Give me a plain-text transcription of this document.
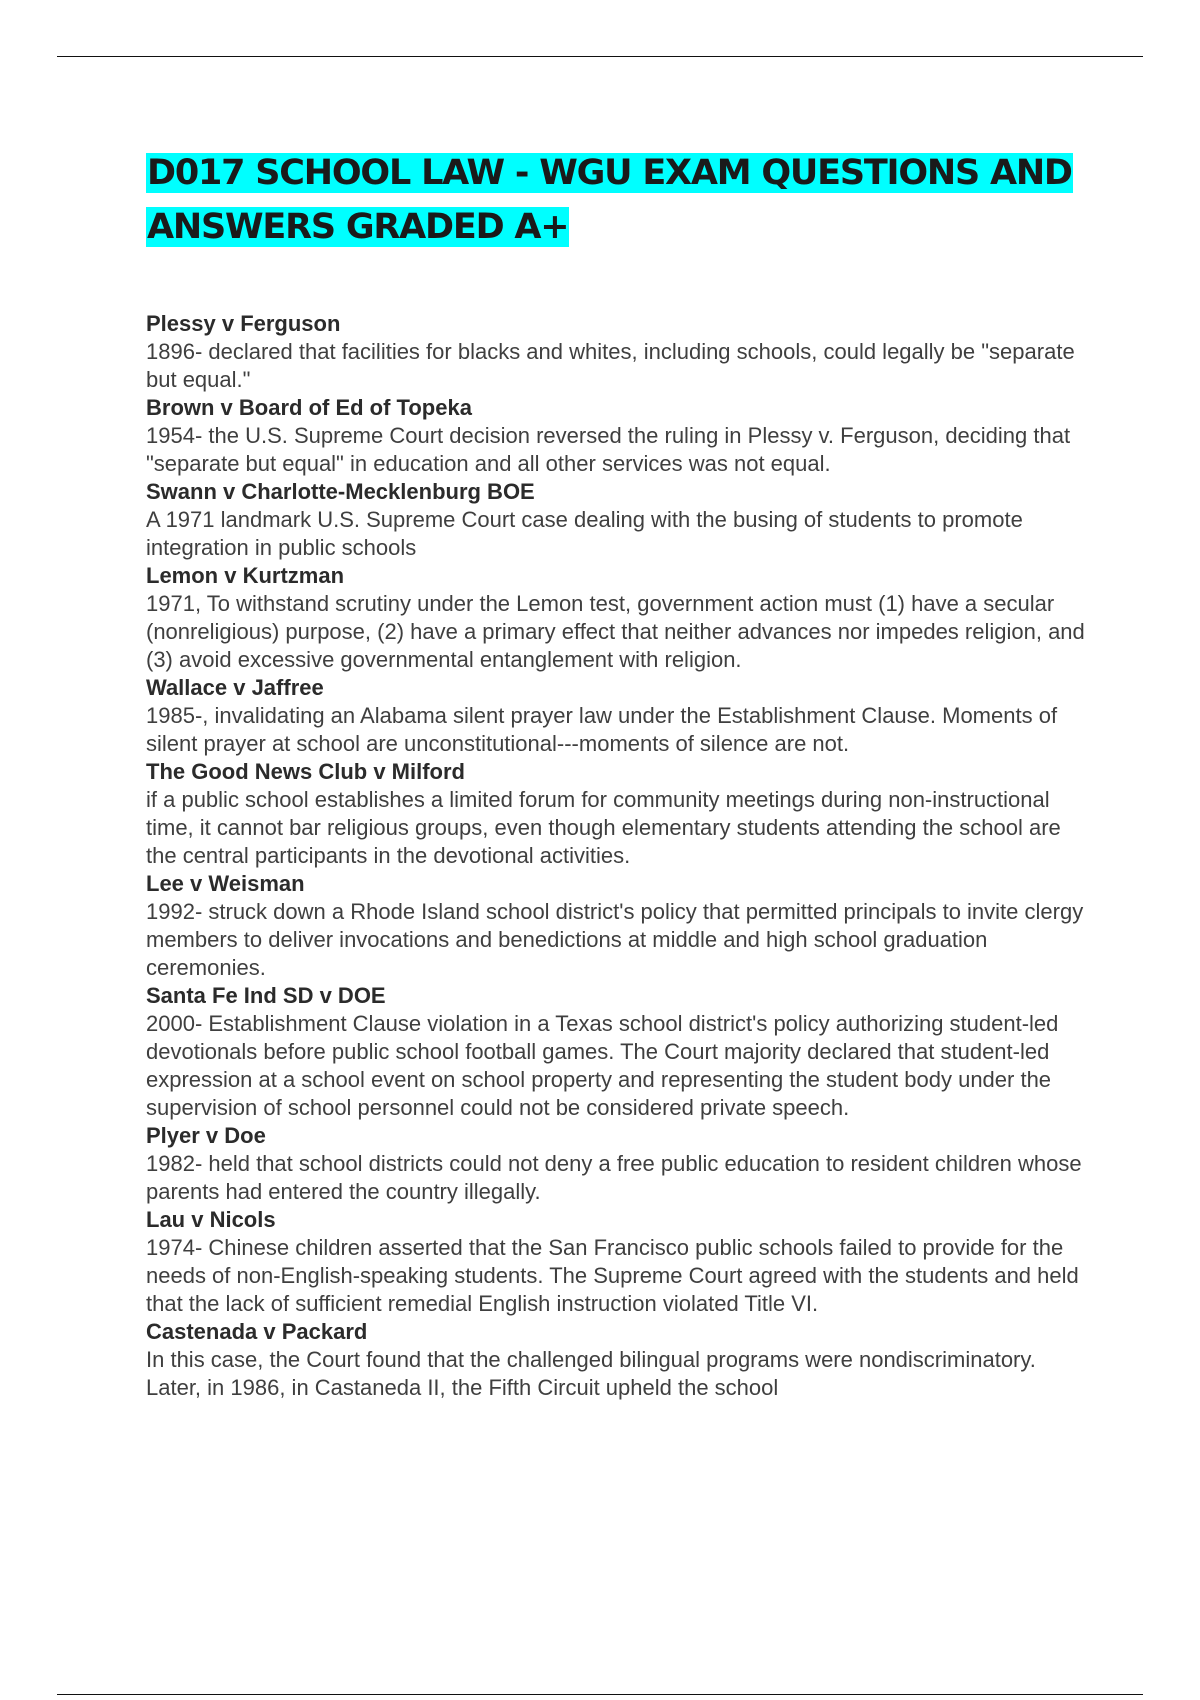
D017 SCHOOL LAW - WGU EXAM QUESTIONS AND ANSWERS GRADED A+

Plessy v Ferguson

1896- declared that facilities for blacks and whites, including schools, could legally be "separate but equal."

Brown v Board of Ed of Topeka

1954- the U.S. Supreme Court decision reversed the ruling in Plessy v. Ferguson, deciding that "separate but equal" in education and all other services was not equal.

Swann v Charlotte-Mecklenburg BOE

A 1971 landmark U.S. Supreme Court case dealing with the busing of students to promote integration in public schools

Lemon v Kurtzman

1971, To withstand scrutiny under the Lemon test, government action must (1) have a secular (nonreligious) purpose, (2) have a primary effect that neither advances nor impedes religion, and (3) avoid excessive governmental entanglement with religion.

Wallace v Jaffree

1985-, invalidating an Alabama silent prayer law under the Establishment Clause. Moments of silent prayer at school are unconstitutional---moments of silence are not.

The Good News Club v Milford

if a public school establishes a limited forum for community meetings during non-instructional time, it cannot bar religious groups, even though elementary students attending the school are the central participants in the devotional activities.

Lee v Weisman

1992- struck down a Rhode Island school district's policy that permitted principals to invite clergy members to deliver invocations and benedictions at middle and high school graduation ceremonies.

Santa Fe Ind SD v DOE

2000- Establishment Clause violation in a Texas school district's policy authorizing student-led devotionals before public school football games. The Court majority declared that student-led expression at a school event on school property and representing the student body under the supervision of school personnel could not be considered private speech.

Plyer v Doe

1982- held that school districts could not deny a free public education to resident children whose parents had entered the country illegally.

Lau v Nicols

1974- Chinese children asserted that the San Francisco public schools failed to provide for the needs of non-English-speaking students. The Supreme Court agreed with the students and held that the lack of sufficient remedial English instruction violated Title VI.

Castenada v Packard

In this case, the Court found that the challenged bilingual programs were nondiscriminatory. Later, in 1986, in Castaneda II, the Fifth Circuit upheld the school
